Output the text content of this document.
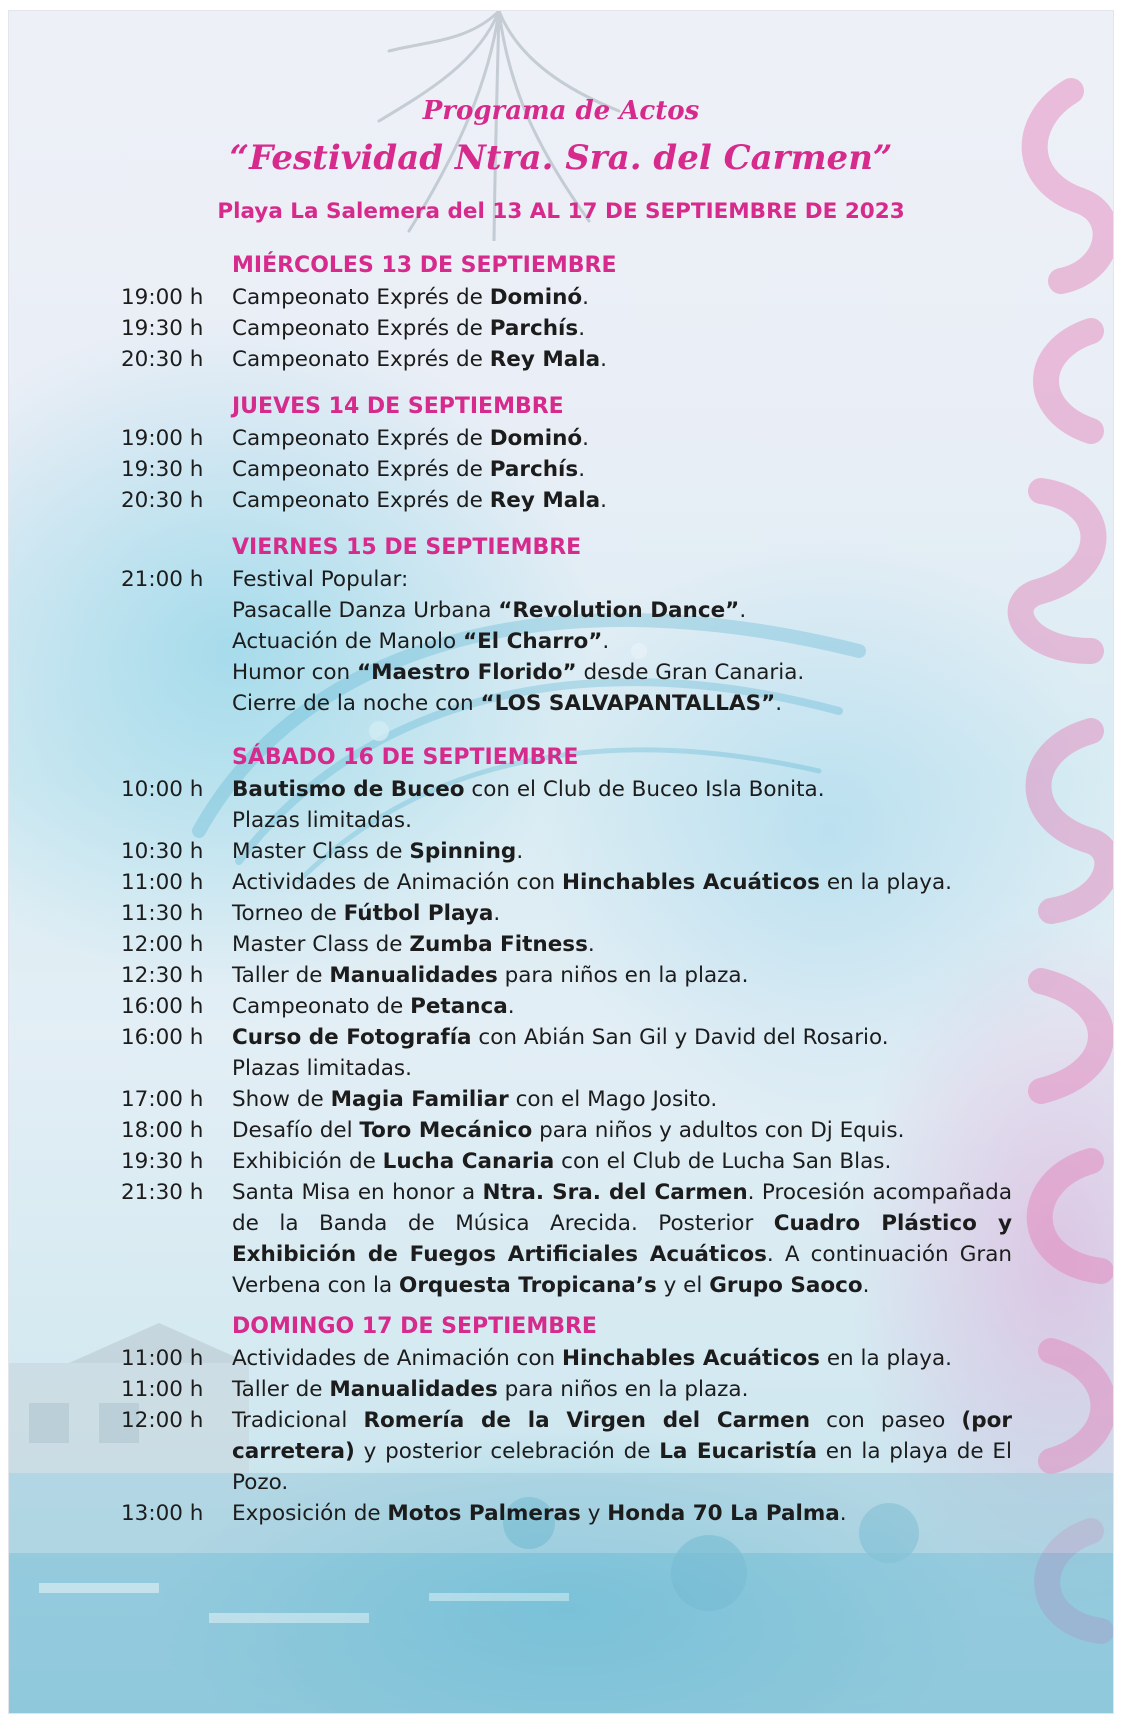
Programa de Actos
“Festividad Ntra. Sra. del Carmen”
Playa La Salemera del 13 AL 17 DE SEPTIEMBRE DE 2023
MIÉRCOLES 13 DE SEPTIEMBRE
19:00 h	Campeonato Exprés de Dominó.
19:30 h	Campeonato Exprés de Parchís.
20:30 h	Campeonato Exprés de Rey Mala.
JUEVES 14 DE SEPTIEMBRE
19:00 h	Campeonato Exprés de Dominó.
19:30 h	Campeonato Exprés de Parchís.
20:30 h	Campeonato Exprés de Rey Mala.
VIERNES 15 DE SEPTIEMBRE
21:00 h	Festival Popular:
Pasacalle Danza Urbana “Revolution Dance”.
Actuación de Manolo “El Charro”.
Humor con “Maestro Florido” desde Gran Canaria.
Cierre de la noche con “LOS SALVAPANTALLAS”.
SÁBADO 16 DE SEPTIEMBRE
10:00 h	Bautismo de Buceo con el Club de Buceo Isla Bonita.
Plazas limitadas.
10:30 h	Master Class de Spinning.
11:00 h	Actividades de Animación con Hinchables Acuáticos en la playa.
11:30 h	Torneo de Fútbol Playa.
12:00 h	Master Class de Zumba Fitness.
12:30 h	Taller de Manualidades para niños en la plaza.
16:00 h	Campeonato de Petanca.
16:00 h	Curso de Fotografía con Abián San Gil y David del Rosario.
Plazas limitadas.
17:00 h	Show de Magia Familiar con el Mago Josito.
18:00 h	Desafío del Toro Mecánico para niños y adultos con Dj Equis.
19:30 h	Exhibición de Lucha Canaria con el Club de Lucha San Blas.
21:30 h	Santa Misa en honor a Ntra. Sra. del Carmen. Procesión acompañada de la Banda de Música Arecida. Posterior Cuadro Plástico y Exhibición de Fuegos Artificiales Acuáticos. A continuación Gran Verbena con la Orquesta Tropicana’s y el Grupo Saoco.
DOMINGO 17 DE SEPTIEMBRE
11:00 h	Actividades de Animación con Hinchables Acuáticos en la playa.
11:00 h	Taller de Manualidades para niños en la plaza.
12:00 h	Tradicional Romería de la Virgen del Carmen con paseo (por carretera) y posterior celebración de La Eucaristía en la playa de El Pozo.
13:00 h	Exposición de Motos Palmeras y Honda 70 La Palma.
